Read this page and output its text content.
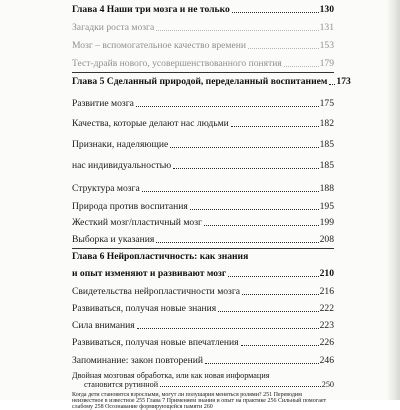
Глава 4 Наши три мозга и не только	130
Загадки роста мозга	131
Мозг – вспомогательное качество времени	153
Тест-драйв нового, усовершенствованного понятия	179
Глава 5 Сделанный природой, переделанный воспитанием 173
Развитие мозга	175
Качества, которые делают нас людьми	182
Признаки, наделяющие	185
нас индивидуальностью	185
Структура мозга	188
Природа против воспитания	195
Жесткий мозг/пластичный мозг	199
Выборка и указания	208
Глава 6 Нейропластичность: как знания
и опыт изменяют и развивают мозг	210
Свидетельства нейропластичности мозга	216
Развиваться, получая новые знания	222
Сила внимания	223
Развиваться, получая новые впечатления	226
Запоминание: закон повторений	246
Двойная мозговая обработка, или как новая информация
становится рутинной	250
Когда дети становятся взрослыми, могут ли полушария меняться ролями? 251 Переводим неизвестное в известное 255 Глава 7 Применяем знания и опыт на практике 256 Сильный помогает слабому 258 Осознавание формирующейся памяти 260
